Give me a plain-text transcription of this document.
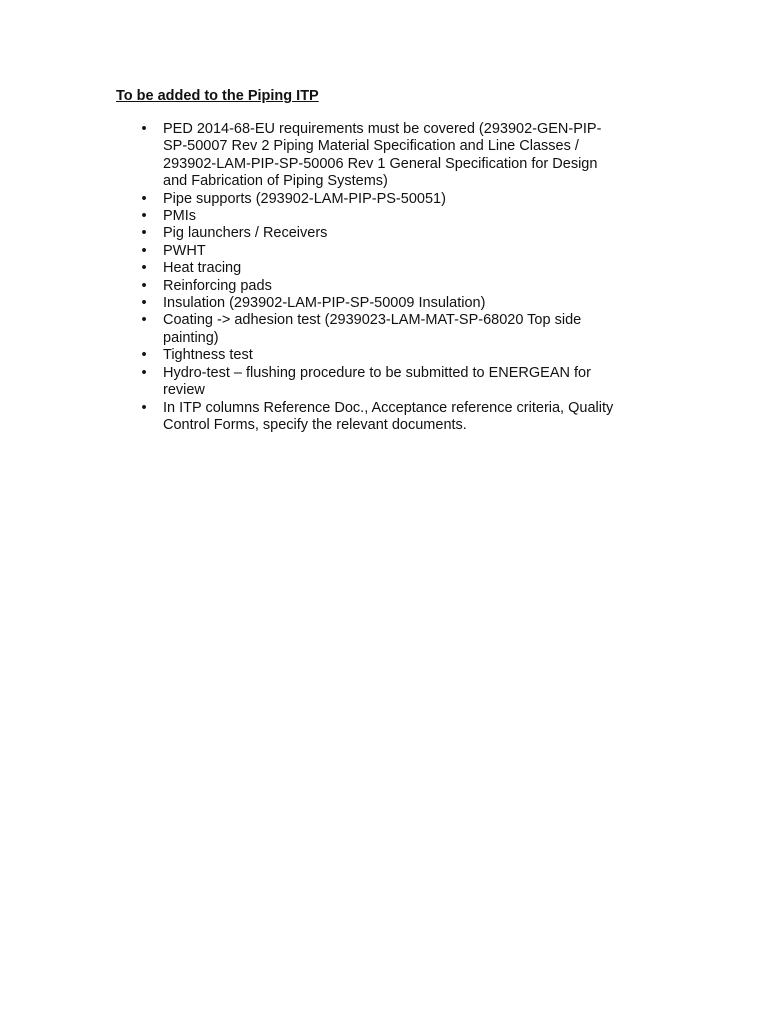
To be added to the Piping ITP
• PED 2014-68-EU requirements must be covered (293902-GEN-PIP-
SP-50007 Rev 2 Piping Material Specification and Line Classes /
293902-LAM-PIP-SP-50006 Rev 1 General Specification for Design
and Fabrication of Piping Systems)
• Pipe supports (293902-LAM-PIP-PS-50051)
• PMIs
• Pig launchers / Receivers
• PWHT
• Heat tracing
• Reinforcing pads
• Insulation (293902-LAM-PIP-SP-50009 Insulation)
• Coating -> adhesion test (2939023-LAM-MAT-SP-68020 Top side
painting)
• Tightness test
• Hydro-test – flushing procedure to be submitted to ENERGEAN for
review
• In ITP columns Reference Doc., Acceptance reference criteria, Quality
Control Forms, specify the relevant documents.
